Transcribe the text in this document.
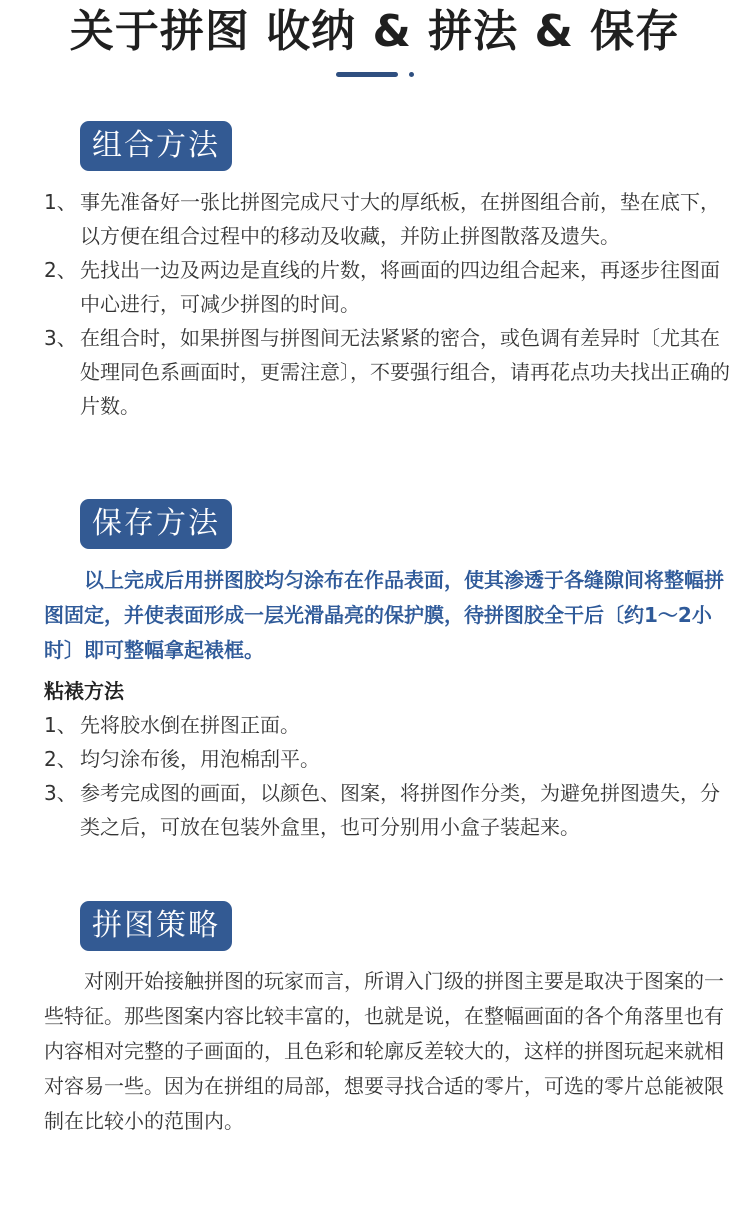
关于拼图 收纳 & 拼法 & 保存
组合方法
1、 事先准备好一张比拼图完成尺寸大的厚纸板，在拼图组合前，垫在底下，以方便在组合过程中的移动及收藏，并防止拼图散落及遗失。
2、 先找出一边及两边是直线的片数，将画面的四边组合起来，再逐步往图面中心进行，可减少拼图的时间。
3、 在组合时，如果拼图与拼图间无法紧紧的密合，或色调有差异时〔尤其在处理同色系画面时，更需注意〕，不要强行组合，请再花点功夫找出正确的片数。
保存方法

以上完成后用拼图胶均匀涂布在作品表面，使其渗透于各缝隙间将整幅拼图固定，并使表面形成一层光滑晶亮的保护膜，待拼图胶全干后〔约1～2小时〕即可整幅拿起裱框。

粘裱方法
1、 先将胶水倒在拼图正面。
2、 均匀涂布後，用泡棉刮平。
3、 参考完成图的画面，以颜色、图案，将拼图作分类，为避免拼图遗失，分类之后，可放在包装外盒里，也可分别用小盒子装起来。
拼图策略

对刚开始接触拼图的玩家而言，所谓入门级的拼图主要是取决于图案的一些特征。那些图案内容比较丰富的，也就是说，在整幅画面的各个角落里也有内容相对完整的子画面的，且色彩和轮廓反差较大的，这样的拼图玩起来就相对容易一些。因为在拼组的局部，想要寻找合适的零片，可选的零片总能被限制在比较小的范围内。
